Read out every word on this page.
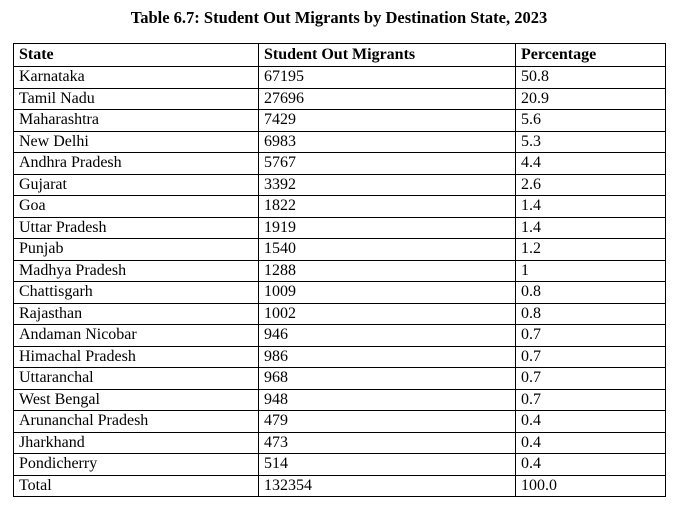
Table 6.7: Student Out Migrants by Destination State, 2023
State	Student Out Migrants	Percentage
Karnataka	67195	50.8
Tamil Nadu	27696	20.9
Maharashtra	7429	5.6
New Delhi	6983	5.3
Andhra Pradesh	5767	4.4
Gujarat	3392	2.6
Goa	1822	1.4
Uttar Pradesh	1919	1.4
Punjab	1540	1.2
Madhya Pradesh	1288	1
Chattisgarh	1009	0.8
Rajasthan	1002	0.8
Andaman Nicobar	946	0.7
Himachal Pradesh	986	0.7
Uttaranchal	968	0.7
West Bengal	948	0.7
Arunanchal Pradesh	479	0.4
Jharkhand	473	0.4
Pondicherry	514	0.4
Total	132354	100.0
